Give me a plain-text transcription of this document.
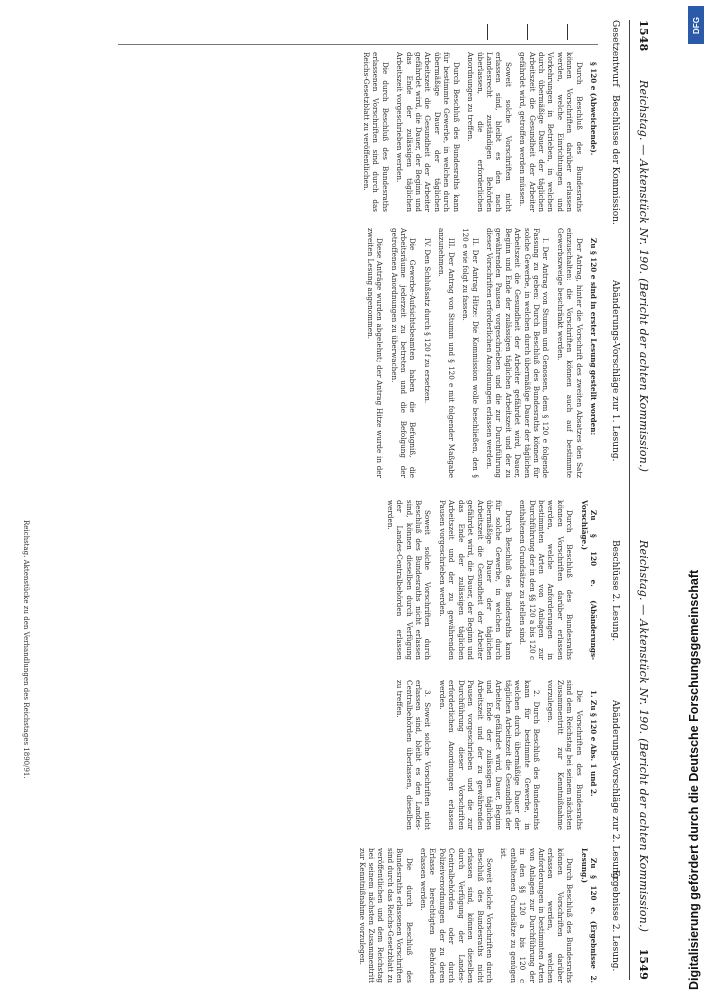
1548
Reichstag. — Aktenstück Nr. 190. (Bericht der achten Kommission.)
Reichstag. — Aktenstück Nr. 190. (Bericht der achten Kommission.)
1549
Gesetzentwurf
Beschlüsse der Kommission.
Abänderungs-Vorschläge zur 1. Lesung.
Beschlüsse 2. Lesung.
Abänderungs-Vorschläge zur 2. Lesung.
Ergebnisse 2. Lesung.

§ 120 e (Abweichende).

Durch Beschluß des Bundesraths können Vorschriften darüber erlassen werden, welche Einrichtungen und Vorkehrungen in Betrieben, in welchen durch übermäßige Dauer der täglichen Arbeitszeit die Gesundheit der Arbeiter gefährdet wird, getroffen werden müssen.

Soweit solche Vorschriften nicht erlassen sind, bleibt es den nach Landesrecht zuständigen Behörden überlassen, die erforderlichen Anordnungen zu treffen.

Durch Beschluß des Bundesraths kann für bestimmte Gewerbe, in welchen durch übermäßige Dauer der täglichen Arbeitszeit die Gesundheit der Arbeiter gefährdet wird, die Dauer, der Beginn und das Ende der zulässigen täglichen Arbeitszeit vorgeschrieben werden.

Die durch Beschluß des Bundesraths erlassenen Vorschriften sind durch das Reichs-Gesetzblatt zu veröffentlichen.

Zu § 120 e sind in erster Lesung gestellt worden:

Der Antrag, hinter die Vorschrift des zweiten Absatzes den Satz einzuschalten: die Vorschriften können auch auf bestimmte Gewerbszweige beschränkt werden.

I. Der Antrag von Stumm und Genossen, dem § 120 e folgende Fassung zu geben: Durch Beschluß des Bundesraths können für solche Gewerbe, in welchen durch übermäßige Dauer der täglichen Arbeitszeit die Gesundheit der Arbeiter gefährdet wird, Dauer, Beginn und Ende der zulässigen täglichen Arbeitszeit und der zu gewährenden Pausen vorgeschrieben und die zur Durchführung dieser Vorschriften erforderlichen Anordnungen erlassen werden.

II. Der Antrag Hitze: Die Kommission wolle beschließen, den § 120 e wie folgt zu fassen.

III. Der Antrag von Stumm und § 120 e mit folgender Maßgabe anzunehmen.

IV. Den Schlußsatz durch § 120 f zu ersetzen.

Die Gewerbe-Aufsichtsbeamten haben die Befugniß, die Arbeitsräume jederzeit zu betreten und die Befolgung der getroffenen Anordnungen zu überwachen.

Diese Anträge wurden abgelehnt; der Antrag Hitze wurde in der zweiten Lesung angenommen.

Zu § 120 e. (Abänderungs-Vorschläge.)

Durch Beschluß des Bundesraths können Vorschriften darüber erlassen werden, welche Anforderungen in bestimmten Arten von Anlagen zur Durchführung der in den §§ 120 a bis 120 c enthaltenen Grundsätze zu stellen sind.

Durch Beschluß des Bundesraths kann für solche Gewerbe, in welchen durch übermäßige Dauer der täglichen Arbeitszeit die Gesundheit der Arbeiter gefährdet wird, die Dauer, der Beginn und das Ende der zulässigen täglichen Arbeitszeit und der zu gewährenden Pausen vorgeschrieben werden.

Soweit solche Vorschriften durch Beschluß des Bundesraths nicht erlassen sind, können dieselben durch Verfügung der Landes-Centralbehörden erlassen werden.

1. Zu § 120 e Abs. 1 und 2.

Die Vorschriften des Bundesraths sind dem Reichstag bei seinem nächsten Zusammentritt zur Kenntnißnahme vorzulegen.

2. Durch Beschluß des Bundesraths kann für bestimmte Gewerbe, in welchen durch übermäßige Dauer der täglichen Arbeitszeit die Gesundheit der Arbeiter gefährdet wird, Dauer, Beginn und Ende der zulässigen täglichen Arbeitszeit und der zu gewährenden Pausen vorgeschrieben und die zur Durchführung dieser Vorschriften erforderlichen Anordnungen erlassen werden.

3. Soweit solche Vorschriften nicht erlassen sind, bleibt es den Landes-Centralbehörden überlassen, dieselben zu treffen.

Zu § 120 e. (Ergebnisse 2. Lesung.)

Durch Beschluß des Bundesraths können Vorschriften darüber erlassen werden, welchen Anforderungen in bestimmten Arten von Anlagen zur Durchführung der in den §§ 120 a bis 120 c enthaltenen Grundsätze zu genügen ist.

Soweit solche Vorschriften durch Beschluß des Bundesraths nicht erlassen sind, können dieselben durch Verfügung der Landes-Centralbehörden oder durch Polizeiverordnungen der zu deren Erlasse berechtigten Behörden erlassen werden.

Die durch Beschluß des Bundesraths erlassenen Vorschriften sind durch das Reichs-Gesetzblatt zu veröffentlichen und dem Reichstag bei seinem nächsten Zusammentritt zur Kenntnißnahme vorzulegen.

Reichstag. Aktenstücke zu den Verhandlungen des Reichstages 1890/91.
DFG
Digitalisierung gefördert durch die Deutsche Forschungsgemeinschaft
